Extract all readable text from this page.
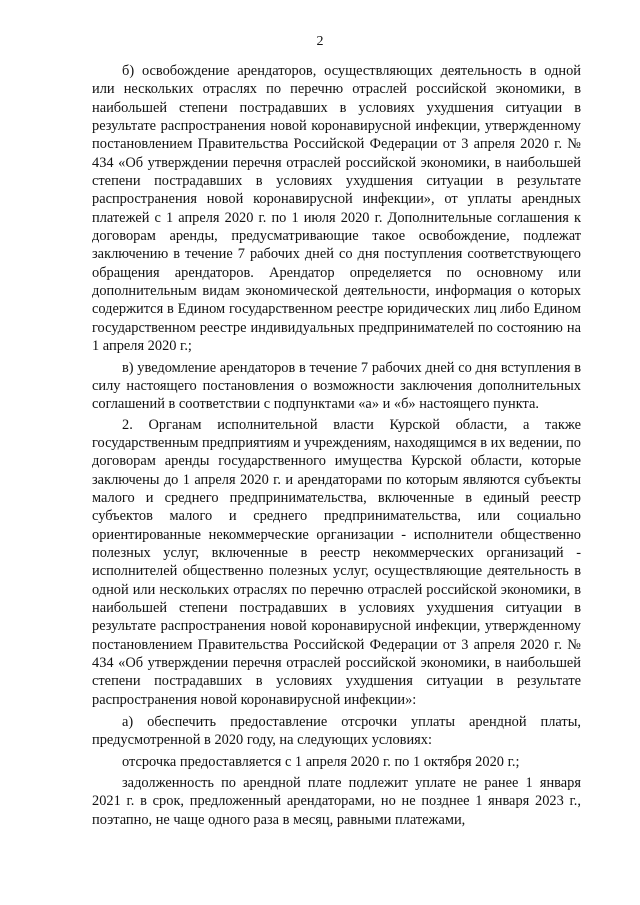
2

б) освобождение арендаторов, осуществляющих деятельность в одной или нескольких отраслях по перечню отраслей российской экономики, в наибольшей степени пострадавших в условиях ухудшения ситуации в результате распространения новой коронавирусной инфекции, утвержденному постановлением Правительства Российской Федерации от 3 апреля 2020 г. № 434 «Об утверждении перечня отраслей российской экономики, в наибольшей степени пострадавших в условиях ухудшения ситуации в результате распространения новой коронавирусной инфекции», от уплаты арендных платежей с 1 апреля 2020 г. по 1 июля 2020 г. Дополнительные соглашения к договорам аренды, предусматривающие такое освобождение, подлежат заключению в течение 7 рабочих дней со дня поступления соответствующего обращения арендаторов. Арендатор определяется по основному или дополнительным видам экономической деятельности, информация о которых содержится в Едином государственном реестре юридических лиц либо Едином государственном реестре индивидуальных предпринимателей по состоянию на 1 апреля 2020 г.;

в) уведомление арендаторов в течение 7 рабочих дней со дня вступления в силу настоящего постановления о возможности заключения дополнительных соглашений в соответствии с подпунктами «а» и «б» настоящего пункта.

2. Органам исполнительной власти Курской области, а также государственным предприятиям и учреждениям, находящимся в их ведении, по договорам аренды государственного имущества Курской области, которые заключены до 1 апреля 2020 г. и арендаторами по которым являются субъекты малого и среднего предпринимательства, включенные в единый реестр субъектов малого и среднего предпринимательства, или социально ориентированные некоммерческие организации - исполнители общественно полезных услуг, включенные в реестр некоммерческих организаций - исполнителей общественно полезных услуг, осуществляющие деятельность в одной или нескольких отраслях по перечню отраслей российской экономики, в наибольшей степени пострадавших в условиях ухудшения ситуации в результате распространения новой коронавирусной инфекции, утвержденному постановлением Правительства Российской Федерации от 3 апреля 2020 г. № 434 «Об утверждении перечня отраслей российской экономики, в наибольшей степени пострадавших в условиях ухудшения ситуации в результате распространения новой коронавирусной инфекции»:

а) обеспечить предоставление отсрочки уплаты арендной платы, предусмотренной в 2020 году, на следующих условиях:

отсрочка предоставляется с 1 апреля 2020 г. по 1 октября 2020 г.;

задолженность по арендной плате подлежит уплате не ранее 1 января 2021 г. в срок, предложенный арендаторами, но не позднее 1 января 2023 г., поэтапно, не чаще одного раза в месяц, равными платежами,
